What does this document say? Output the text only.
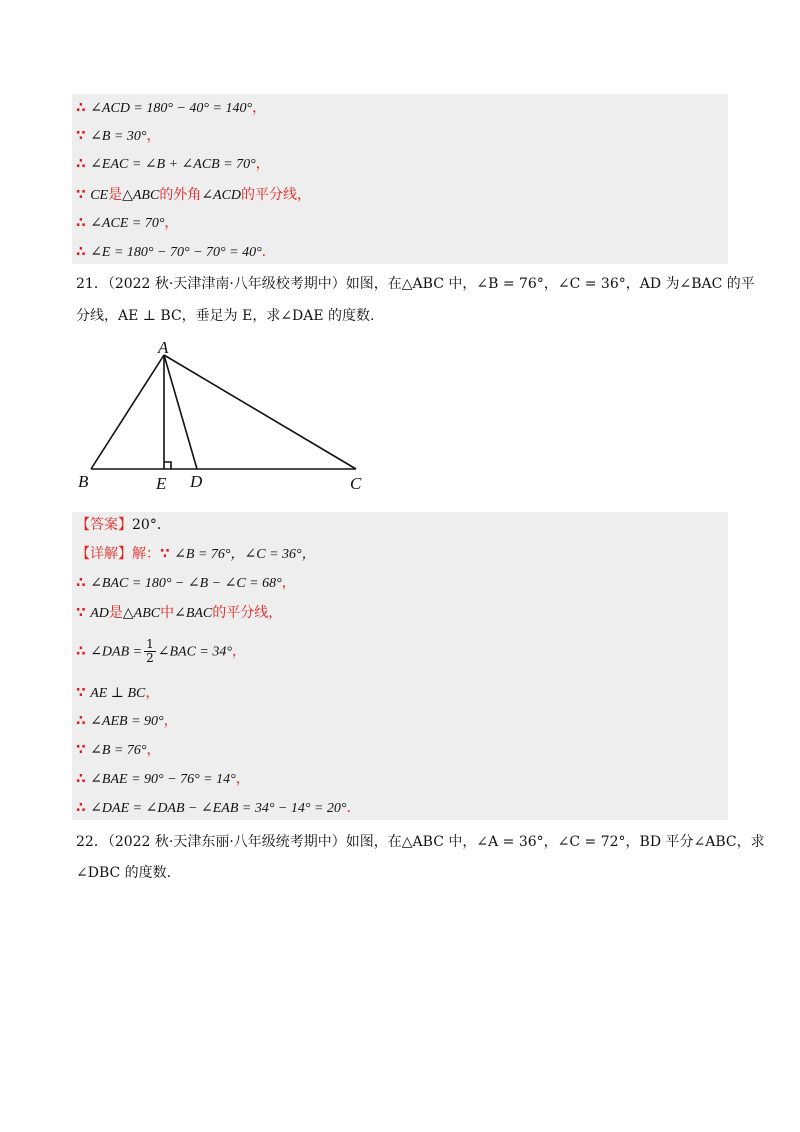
∴ ∠ACD = 180° − 40° = 140°，
∵ ∠B = 30°，
∴ ∠EAC = ∠B + ∠ACB = 70°，
∵ CE是△ABC的外角∠ACD的平分线，
∴ ∠ACE = 70°，
∴ ∠E = 180° − 70° − 70° = 40°.
21．（2022 秋·天津津南·八年级校考期中）如图，在△ABC 中，∠B = 76°，∠C = 36°，AD 为∠BAC 的平
分线，AE ⊥ BC，垂足为 E，求∠DAE 的度数.
A
B	E D	C
【答案】20°．
【详解】解：∵ ∠B = 76°，∠C = 36°，
∴ ∠BAC = 180° − ∠B − ∠C = 68°，
∵ AD是△ABC中∠BAC的平分线，
∴ ∠DAB = $\frac{1}{2}$ ∠BAC = 34°，
∵ AE ⊥ BC，
∴ ∠AEB = 90°，
∵ ∠B = 76°，
∴ ∠BAE = 90° − 76° = 14°，
∴ ∠DAE = ∠DAB − ∠EAB = 34° − 14° = 20°.
22．（2022 秋·天津东丽·八年级统考期中）如图，在△ABC 中，∠A = 36°，∠C = 72°，BD 平分∠ABC，求
∠DBC 的度数.
